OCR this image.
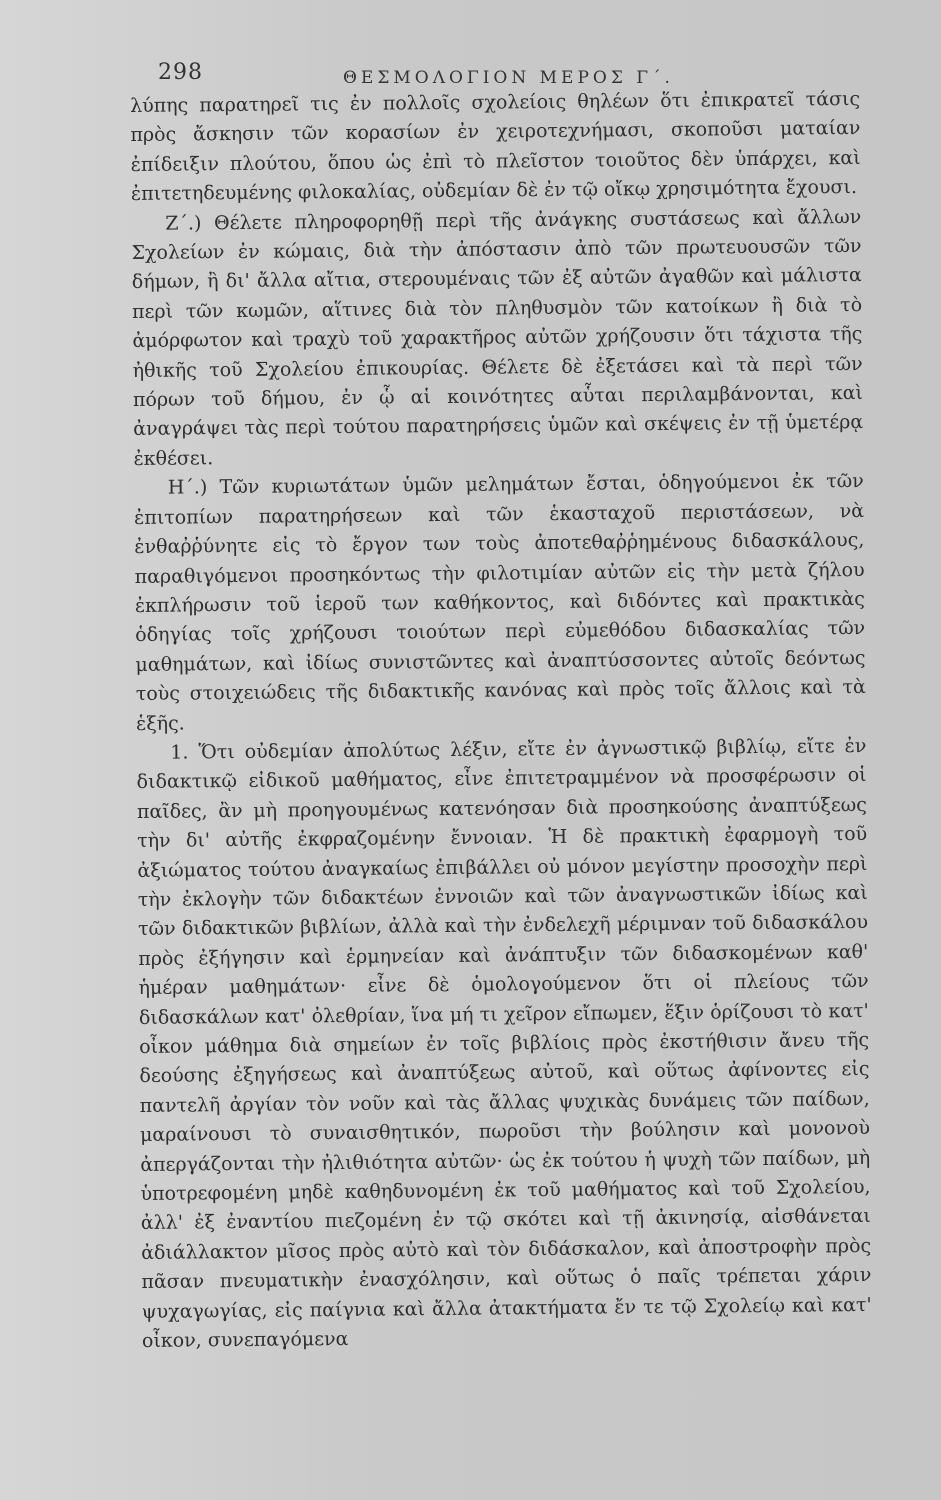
298	ΘΕΣΜΟΛΟΓΙΟΝ ΜΕΡΟΣ Γ΄.

λύπης παρατηρεῖ τις ἐν πολλοῖς σχολείοις θηλέων ὅτι ἐπικρατεῖ τάσις πρὸς ἄσκησιν τῶν κορασίων ἐν χειροτεχνήμασι, σκοποῦσι ματαίαν ἐπίδειξιν πλούτου, ὅπου ὡς ἐπὶ τὸ πλεῖστον τοιοῦτος δὲν ὑπάρχει, καὶ ἐπιτετηδευμένης φιλοκαλίας, οὐδεμίαν δὲ ἐν τῷ οἴκῳ χρησιμότητα ἔχουσι.

Ζ΄.) Θέλετε πληροφορηθῇ περὶ τῆς ἀνάγκης συστάσεως καὶ ἄλλων Σχολείων ἐν κώμαις, διὰ τὴν ἀπόστασιν ἀπὸ τῶν πρωτευουσῶν τῶν δήμων, ἢ δι' ἄλλα αἴτια, στερουμέναις τῶν ἐξ αὐτῶν ἀγαθῶν καὶ μάλιστα περὶ τῶν κωμῶν, αἵτινες διὰ τὸν πληθυσμὸν τῶν κατοίκων ἢ διὰ τὸ ἀμόρφωτον καὶ τραχὺ τοῦ χαρακτῆρος αὐτῶν χρήζουσιν ὅτι τάχιστα τῆς ἠθικῆς τοῦ Σχολείου ἐπικουρίας. Θέλετε δὲ ἐξετάσει καὶ τὰ περὶ τῶν πόρων τοῦ δήμου, ἐν ᾧ αἱ κοινότητες αὗται περιλαμβάνονται, καὶ ἀναγράψει τὰς περὶ τούτου παρατηρήσεις ὑμῶν καὶ σκέψεις ἐν τῇ ὑμετέρᾳ ἐκθέσει.

Η΄.) Τῶν κυριωτάτων ὑμῶν μελημάτων ἔσται, ὁδηγούμενοι ἐκ τῶν ἐπιτοπίων παρατηρήσεων καὶ τῶν ἑκασταχοῦ περιστάσεων, νὰ ἐνθαῤῥύνητε εἰς τὸ ἔργον των τοὺς ἀποτεθαῤῥημένους διδασκάλους, παραθιγόμενοι προσηκόντως τὴν φιλοτιμίαν αὐτῶν εἰς τὴν μετὰ ζήλου ἐκπλήρωσιν τοῦ ἱεροῦ των καθήκοντος, καὶ διδόντες καὶ πρακτικὰς ὁδηγίας τοῖς χρήζουσι τοιούτων περὶ εὐμεθόδου διδασκαλίας τῶν μαθημάτων, καὶ ἰδίως συνιστῶντες καὶ ἀναπτύσσοντες αὐτοῖς δεόντως τοὺς στοιχειώδεις τῆς διδακτικῆς κανόνας καὶ πρὸς τοῖς ἄλλοις καὶ τὰ ἑξῆς.

1. Ὅτι οὐδεμίαν ἀπολύτως λέξιν, εἴτε ἐν ἀγνωστικῷ βιβλίῳ, εἴτε ἐν διδακτικῷ εἰδικοῦ μαθήματος, εἶνε ἐπιτετραμμένον νὰ προσφέρωσιν οἱ παῖδες, ἂν μὴ προηγουμένως κατενόησαν διὰ προσηκούσης ἀναπτύξεως τὴν δι' αὐτῆς ἐκφραζομένην ἔννοιαν. Ἡ δὲ πρακτικὴ ἐφαρμογὴ τοῦ ἀξιώματος τούτου ἀναγκαίως ἐπιβάλλει οὐ μόνον μεγίστην προσοχὴν περὶ τὴν ἐκλογὴν τῶν διδακτέων ἐννοιῶν καὶ τῶν ἀναγνωστικῶν ἰδίως καὶ τῶν διδακτικῶν βιβλίων, ἀλλὰ καὶ τὴν ἐνδελεχῆ μέριμναν τοῦ διδασκάλου πρὸς ἐξήγησιν καὶ ἑρμηνείαν καὶ ἀνάπτυξιν τῶν διδασκομένων καθ' ἡμέραν μαθημάτων· εἶνε δὲ ὁμολογούμενον ὅτι οἱ πλείους τῶν διδασκάλων κατ' ὀλεθρίαν, ἵνα μή τι χεῖρον εἴπωμεν, ἕξιν ὁρίζουσι τὸ κατ' οἶκον μάθημα διὰ σημείων ἐν τοῖς βιβλίοις πρὸς ἐκστήθισιν ἄνευ τῆς δεούσης ἐξηγήσεως καὶ ἀναπτύξεως αὐτοῦ, καὶ οὕτως ἀφίνοντες εἰς παντελῆ ἀργίαν τὸν νοῦν καὶ τὰς ἄλλας ψυχικὰς δυνάμεις τῶν παίδων, μαραίνουσι τὸ συναισθητικόν, πωροῦσι τὴν βούλησιν καὶ μονονοὺ ἀπεργάζονται τὴν ἠλιθιότητα αὐτῶν· ὡς ἐκ τούτου ἡ ψυχὴ τῶν παίδων, μὴ ὑποτρεφομένη μηδὲ καθηδυνομένη ἐκ τοῦ μαθήματος καὶ τοῦ Σχολείου, ἀλλ' ἐξ ἐναντίου πιεζομένη ἐν τῷ σκότει καὶ τῇ ἀκινησίᾳ, αἰσθάνεται ἀδιάλλακτον μῖσος πρὸς αὐτὸ καὶ τὸν διδάσκαλον, καὶ ἀποστροφὴν πρὸς πᾶσαν πνευματικὴν ἐνασχόλησιν, καὶ οὕτως ὁ παῖς τρέπεται χάριν ψυχαγωγίας, εἰς παίγνια καὶ ἄλλα ἀτακτήματα ἔν τε τῷ Σχολείῳ καὶ κατ' οἶκον, συνεπαγόμενα
